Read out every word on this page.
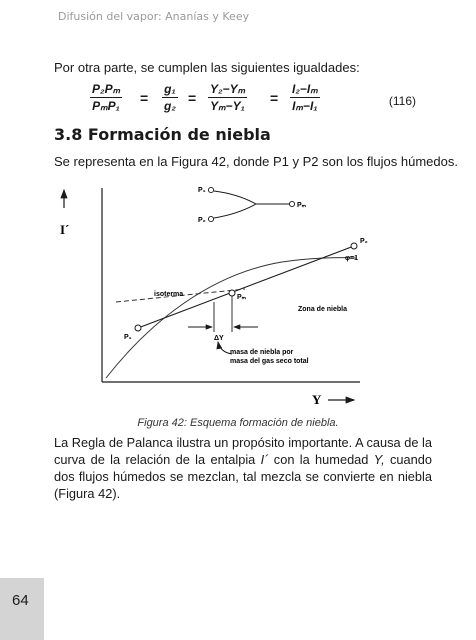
Difusión del vapor: Ananías y Keey
Por otra parte, se cumplen las siguientes igualdades:
P₂Pₘ
$P_mP_1 = \frac{\text{g₁}}{\text{g₂}} = \frac{\text{Y₂−Yₘ}}{\text{Yₘ−Y₁}} = \frac{\text{I₂−Iₘ}}{\text{Iₘ−I₁}}$	(116)
3.8 Formación de niebla
Se representa en la Figura 42, donde P1 y P2 son los flujos húmedos.
I´
Y
P₁
P₂
Pₘ
φ=1
isoterma
P₁
Pₘ
P₂
Zona de niebla
ΔY
masa de niebla por
masa del gas seco total
Figura 42: Esquema formación de niebla.

La Regla de Palanca ilustra un propósito importante. A causa de la curva de la relación de la entalpia I´ con la humedad Y, cuando dos flujos húmedos se mezclan, tal mezcla se convierte en niebla (Figura 42).

64
